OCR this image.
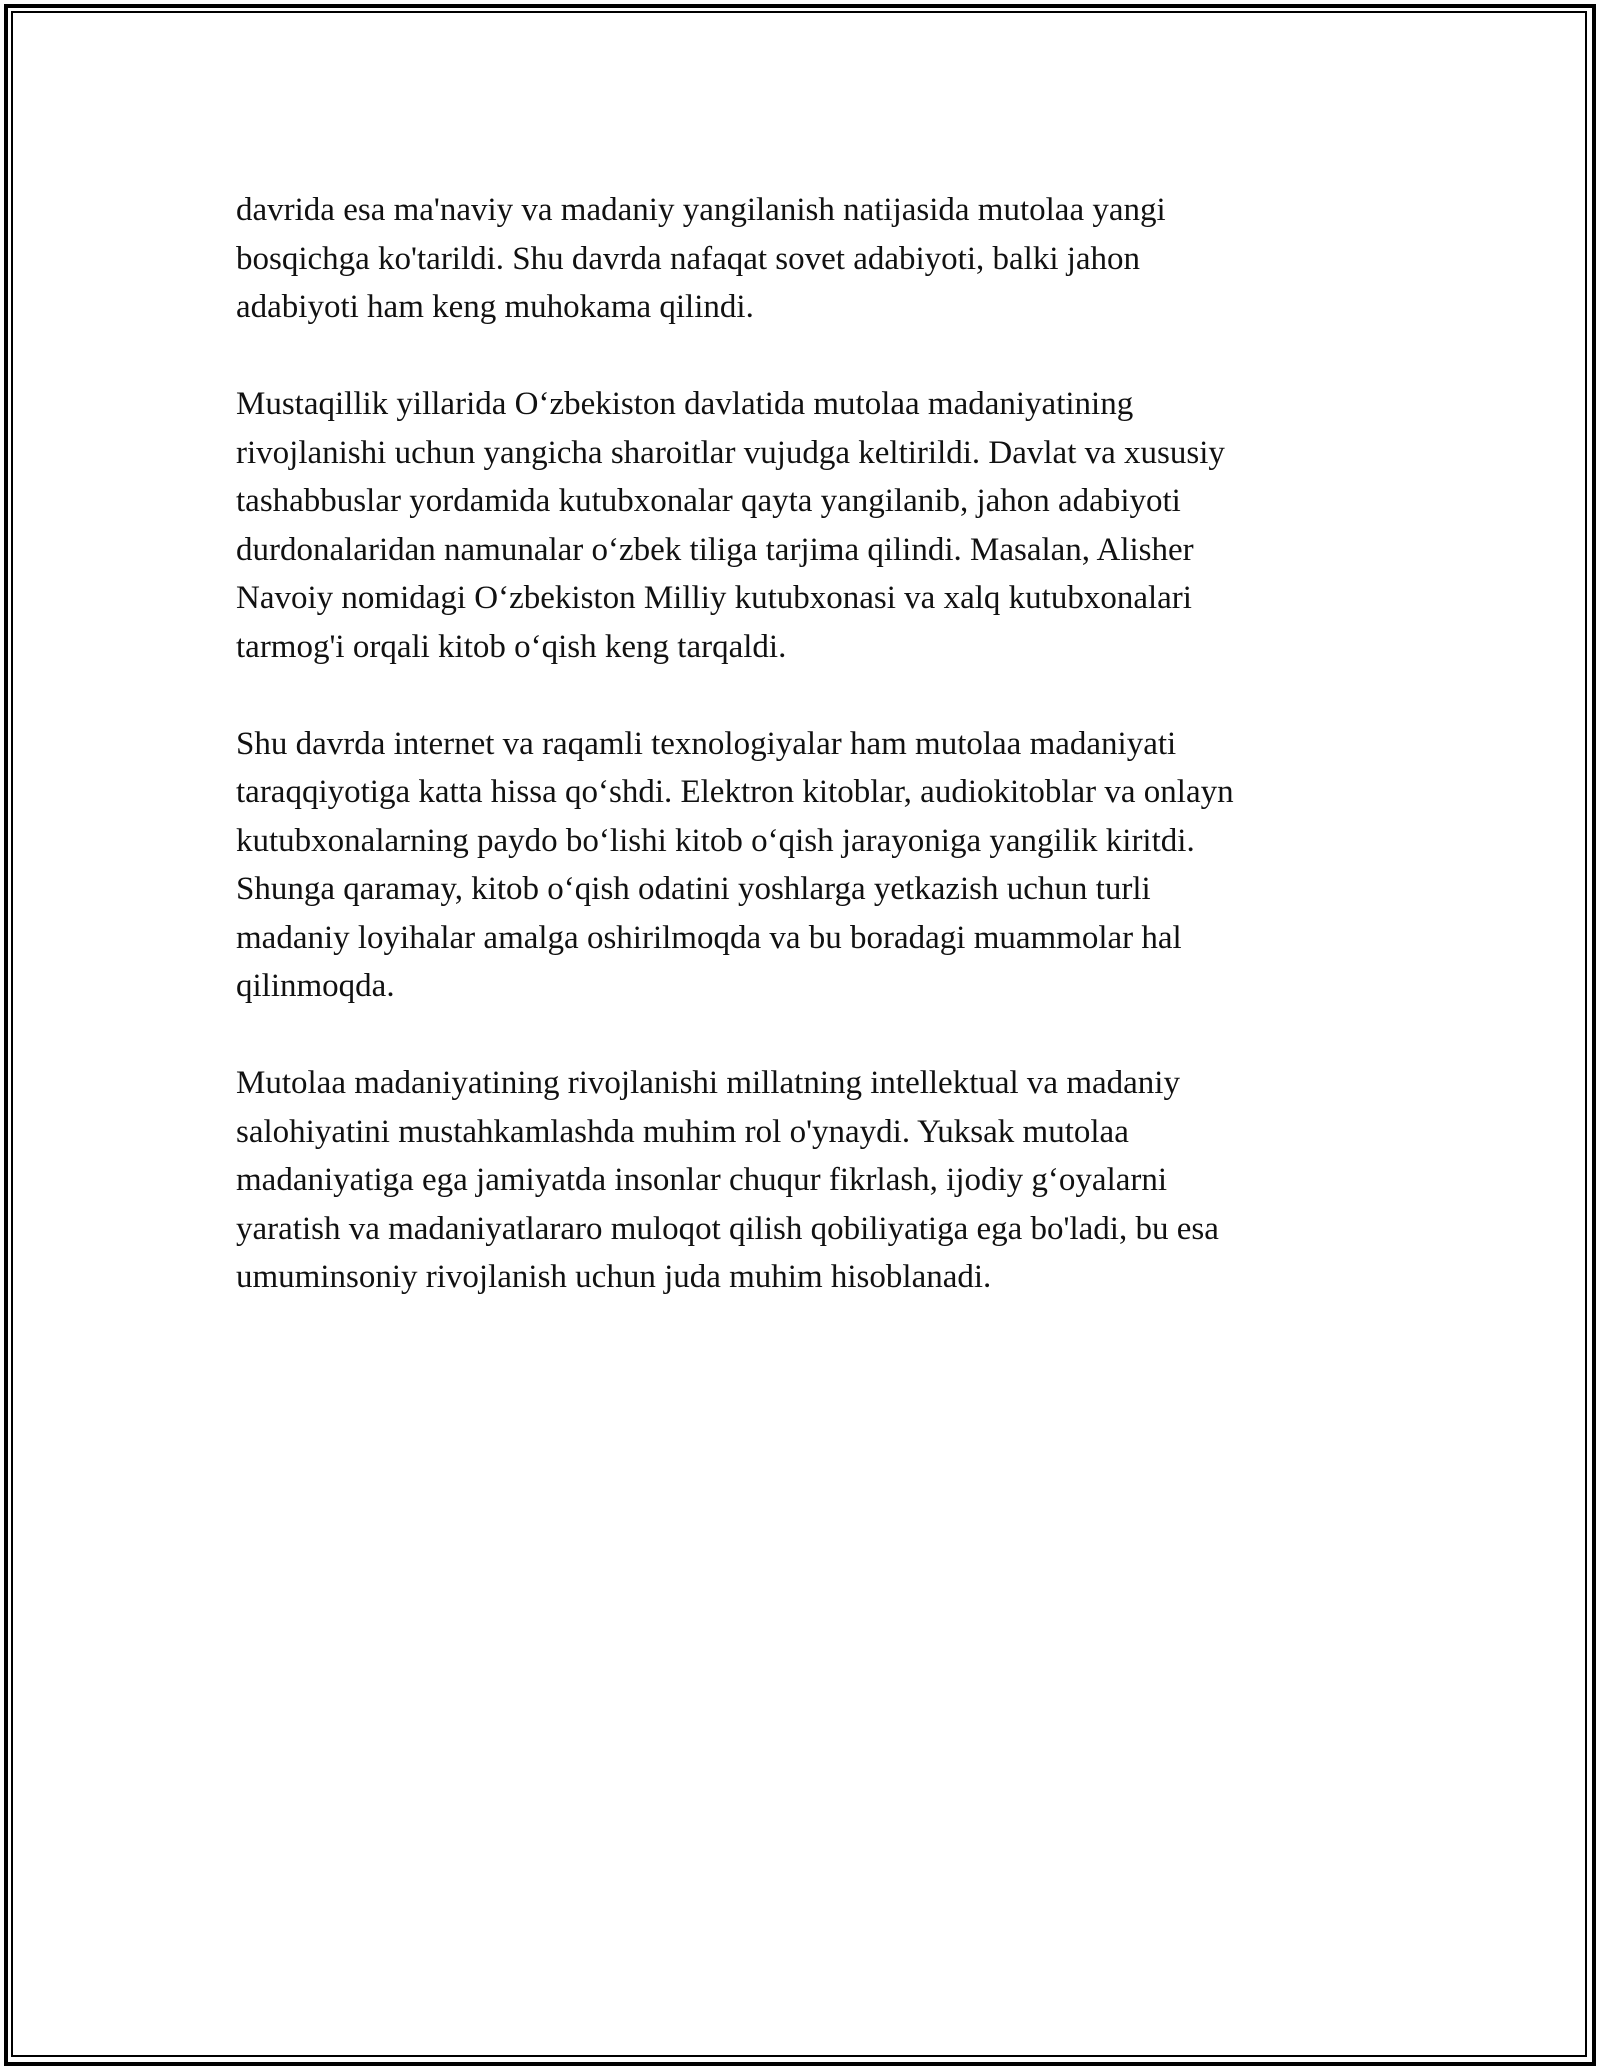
davrida esa ma'naviy va madaniy yangilanish natijasida mutolaa yangi
bosqichga ko'tarildi. Shu davrda nafaqat sovet adabiyoti, balki jahon
adabiyoti ham keng muhokama qilindi.

Mustaqillik yillarida O‘zbekiston davlatida mutolaa madaniyatining
rivojlanishi uchun yangicha sharoitlar vujudga keltirildi. Davlat va xususiy
tashabbuslar yordamida kutubxonalar qayta yangilanib, jahon adabiyoti
durdonalaridan namunalar o‘zbek tiliga tarjima qilindi. Masalan, Alisher
Navoiy nomidagi O‘zbekiston Milliy kutubxonasi va xalq kutubxonalari
tarmog'i orqali kitob o‘qish keng tarqaldi.

Shu davrda internet va raqamli texnologiyalar ham mutolaa madaniyati
taraqqiyotiga katta hissa qo‘shdi. Elektron kitoblar, audiokitoblar va onlayn
kutubxonalarning paydo bo‘lishi kitob o‘qish jarayoniga yangilik kiritdi.
Shunga qaramay, kitob o‘qish odatini yoshlarga yetkazish uchun turli
madaniy loyihalar amalga oshirilmoqda va bu boradagi muammolar hal
qilinmoqda.

Mutolaa madaniyatining rivojlanishi millatning intellektual va madaniy
salohiyatini mustahkamlashda muhim rol o'ynaydi. Yuksak mutolaa
madaniyatiga ega jamiyatda insonlar chuqur fikrlash, ijodiy g‘oyalarni
yaratish va madaniyatlararo muloqot qilish qobiliyatiga ega bo'ladi, bu esa
umuminsoniy rivojlanish uchun juda muhim hisoblanadi.
